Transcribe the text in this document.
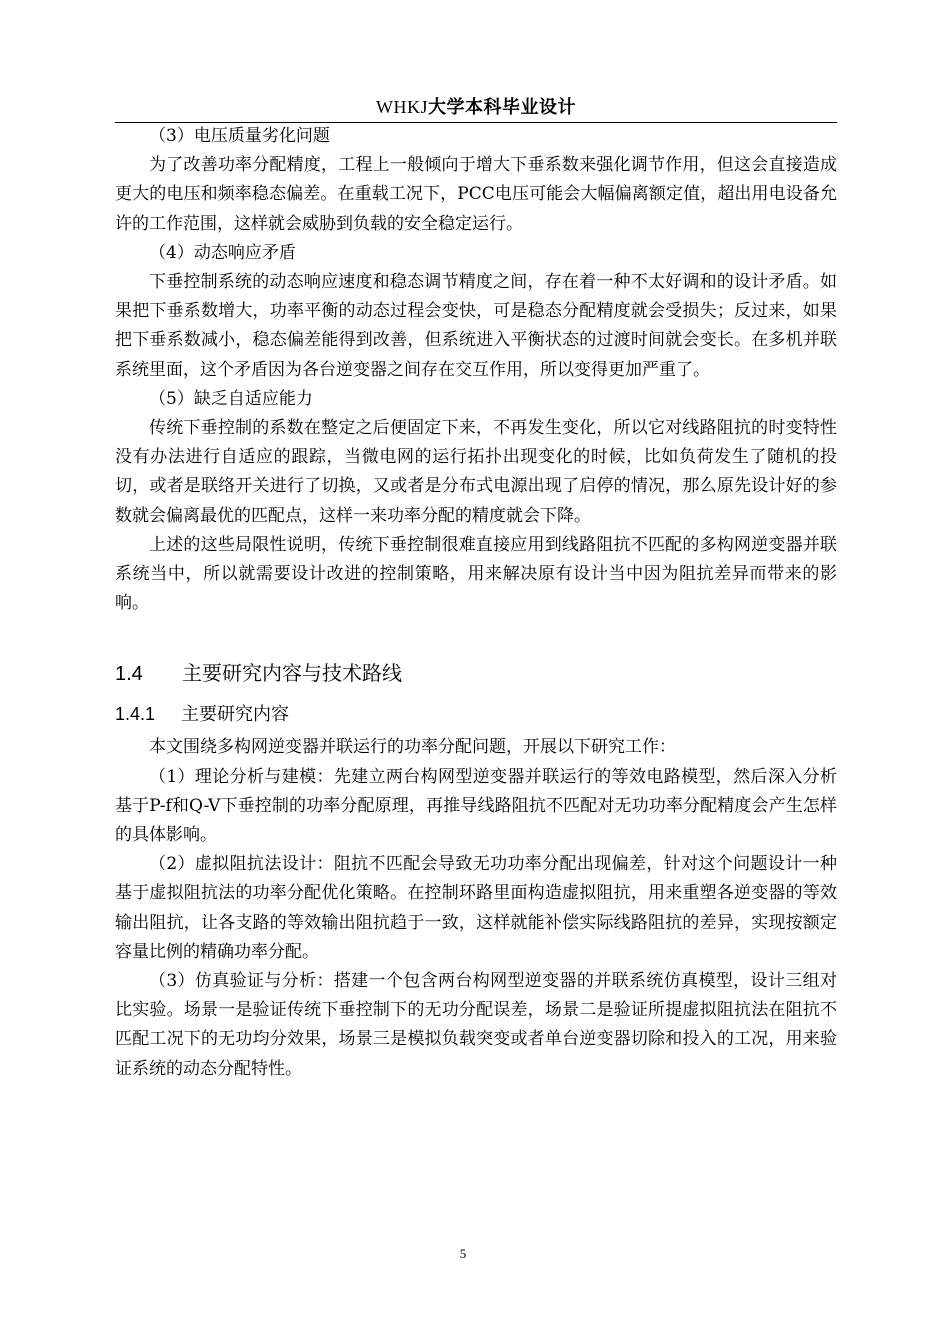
WHKJ大学本科毕业设计

（3）电压质量劣化问题

为了改善功率分配精度，工程上一般倾向于增大下垂系数来强化调节作用，但这会直接造成更大的电压和频率稳态偏差。在重载工况下，PCC电压可能会大幅偏离额定值，超出用电设备允许的工作范围，这样就会威胁到负载的安全稳定运行。

（4）动态响应矛盾

下垂控制系统的动态响应速度和稳态调节精度之间，存在着一种不太好调和的设计矛盾。如果把下垂系数增大，功率平衡的动态过程会变快，可是稳态分配精度就会受损失；反过来，如果把下垂系数减小，稳态偏差能得到改善，但系统进入平衡状态的过渡时间就会变长。在多机并联系统里面，这个矛盾因为各台逆变器之间存在交互作用，所以变得更加严重了。

（5）缺乏自适应能力

传统下垂控制的系数在整定之后便固定下来，不再发生变化，所以它对线路阻抗的时变特性没有办法进行自适应的跟踪，当微电网的运行拓扑出现变化的时候，比如负荷发生了随机的投切，或者是联络开关进行了切换，又或者是分布式电源出现了启停的情况，那么原先设计好的参数就会偏离最优的匹配点，这样一来功率分配的精度就会下降。

上述的这些局限性说明，传统下垂控制很难直接应用到线路阻抗不匹配的多构网逆变器并联系统当中，所以就需要设计改进的控制策略，用来解决原有设计当中因为阻抗差异而带来的影响。

1.4 主要研究内容与技术路线

1.4.1 主要研究内容

本文围绕多构网逆变器并联运行的功率分配问题，开展以下研究工作：

（1）理论分析与建模：先建立两台构网型逆变器并联运行的等效电路模型，然后深入分析基于P-f和Q-V下垂控制的功率分配原理，再推导线路阻抗不匹配对无功功率分配精度会产生怎样的具体影响。

（2）虚拟阻抗法设计：阻抗不匹配会导致无功功率分配出现偏差，针对这个问题设计一种基于虚拟阻抗法的功率分配优化策略。在控制环路里面构造虚拟阻抗，用来重塑各逆变器的等效输出阻抗，让各支路的等效输出阻抗趋于一致，这样就能补偿实际线路阻抗的差异，实现按额定容量比例的精确功率分配。

（3）仿真验证与分析：搭建一个包含两台构网型逆变器的并联系统仿真模型，设计三组对比实验。场景一是验证传统下垂控制下的无功分配误差，场景二是验证所提虚拟阻抗法在阻抗不匹配工况下的无功均分效果，场景三是模拟负载突变或者单台逆变器切除和投入的工况，用来验证系统的动态分配特性。

5
